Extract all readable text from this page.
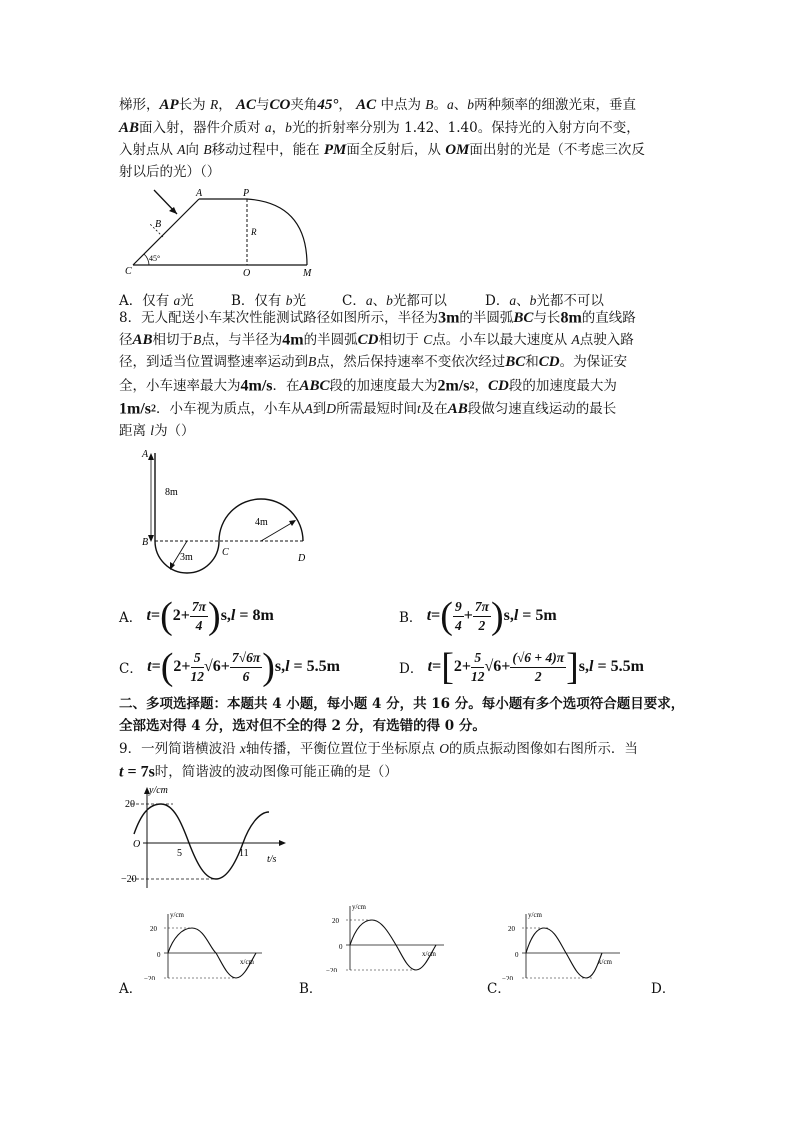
梯形，AP长为 R， AC与CO夹角45°， AC 中点为 B。a、b两种频率的细激光束，垂直
AB面入射，器件介质对 a，b光的折射率分别为 1.42、1.40。保持光的入射方向不变，
入射点从 A向 B移动过程中，能在 PM面全反射后，从 OM面出射的光是（不考虑三次反
射以后的光）（）
A	P
B
R
45°
C	O	M
A．仅有 a光	B．仅有 b光	C．a、b光都可以	D．a、b光都不可以
8．无人配送小车某次性能测试路径如图所示，半径为3m的半圆弧BC与长8m的直线路
径AB相切于B点，与半径为4m的半圆弧CD相切于 C点。小车以最大速度从 A点驶入路
径，到适当位置调整速率运动到B点，然后保持速率不变依次经过BC和CD。为保证安
全，小车速率最大为4m/s．在ABC段的加速度最大为2m/s2，CD段的加速度最大为
1m/s2．小车视为质点，小车从A到D所需最短时间t及在AB段做匀速直线运动的最长
距离 l为（）
A
8m
4m
B
C
D
3m
A． $t=(2+ \frac{7\pi}{4} )s,l = 8m$	B． $t=( \frac{9}{4} + \frac{7\pi}{2} )s,l = 5m$
C． $t=(2+ \frac{5}{12} √6+ \frac{7√6\pi}{6} )s,l = 5.5m$	D． $t=[2+ \frac{5}{12} √6+ \frac{(√6 + 4)\pi}{2} ]s,l = 5.5m$
二、多项选择题：本题共 4 小题，每小题 4 分，共 16 分。每小题有多个选项符合题目要求，
全部选对得 4 分，选对但不全的得 2 分，有选错的得 0 分。
9．一列简谐横波沿 x轴传播，平衡位置位于坐标原点 O的质点振动图像如右图所示．当
t = 7s时，简谐波的波动图像可能正确的是（）
y/cm
20
−20
O
5	11
t/s
y/cm
20
−20
0
x/cm
y/cm
20
−20
0
x/cm
y/cm
20
−20
0
x/cm
A．	B．	C．	D．
